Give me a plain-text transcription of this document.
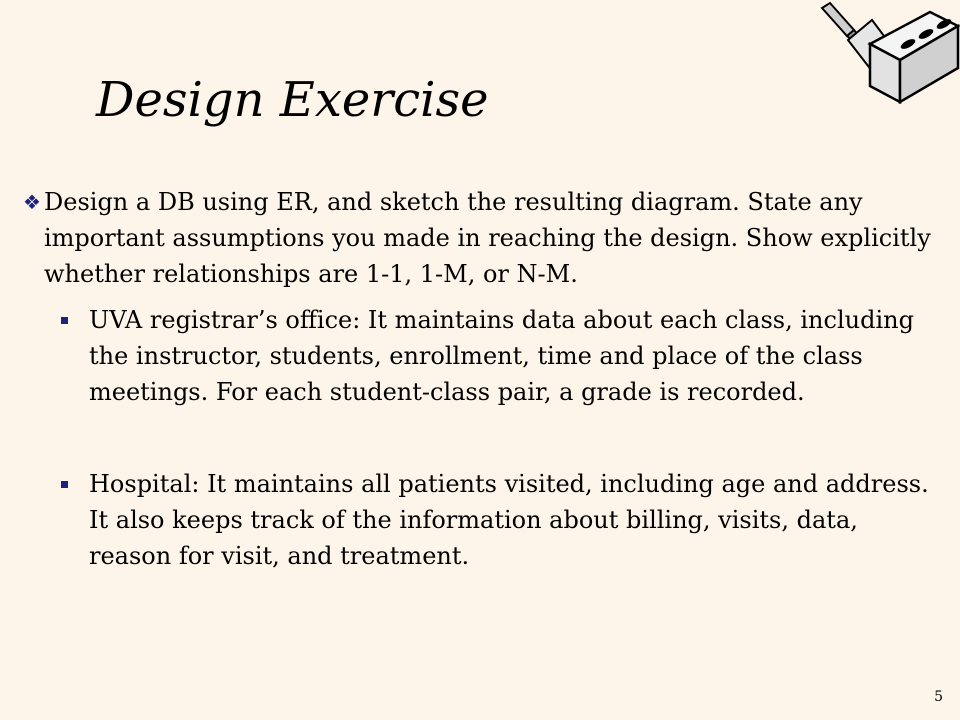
Design Exercise
❖ Design a DB using ER, and sketch the resulting diagram. State any important assumptions you made in reaching the design. Show explicitly whether relationships are 1-1, 1-M, or N-M.
UVA registrar’s office: It maintains data about each class, including the instructor, students, enrollment, time and place of the class meetings. For each student-class pair, a grade is recorded.
Hospital: It maintains all patients visited, including age and address. It also keeps track of the information about billing, visits, data, reason for visit, and treatment.
5
